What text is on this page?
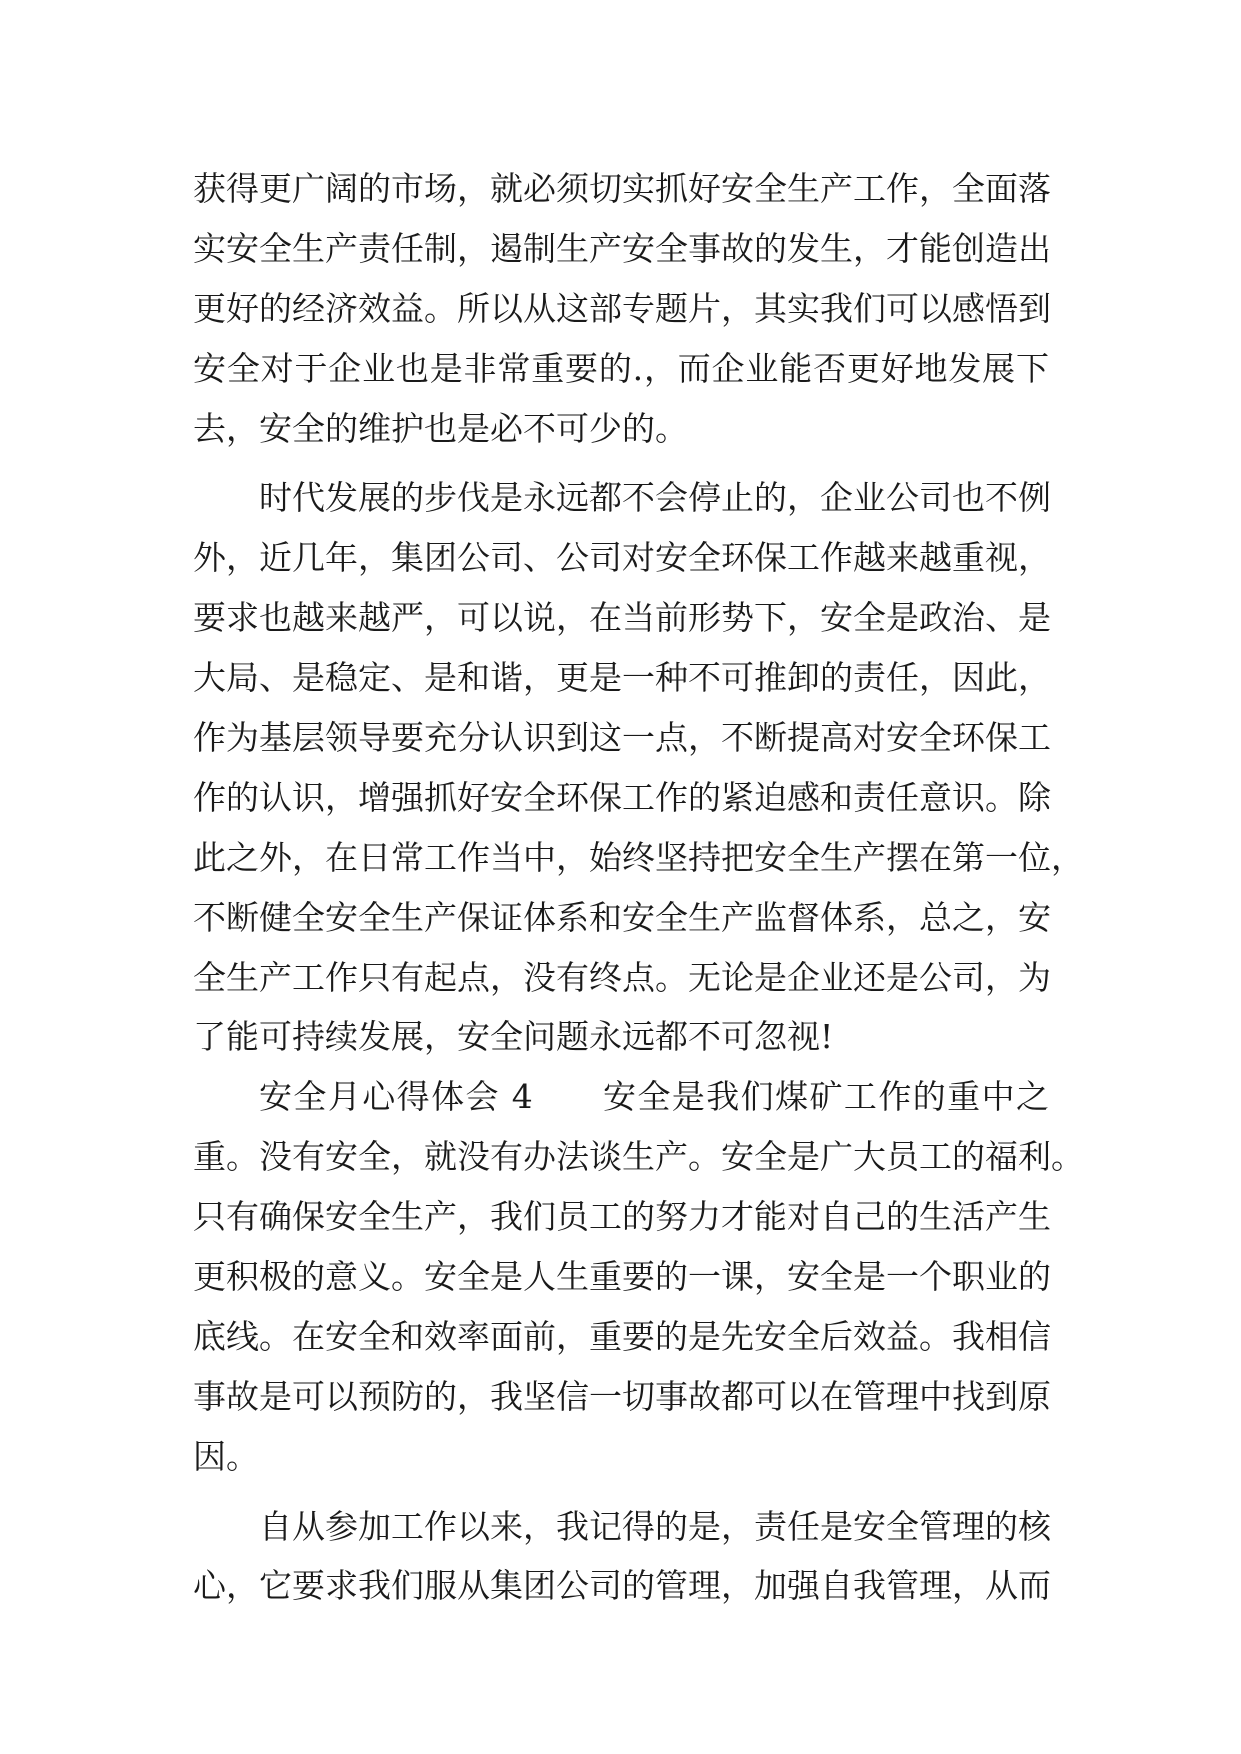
获得更广阔的市场，就必须切实抓好安全生产工作，全面落
实安全生产责任制，遏制生产安全事故的发生，才能创造出
更好的经济效益。所以从这部专题片，其实我们可以感悟到
安全对于企业也是非常重要的.，而企业能否更好地发展下
去，安全的维护也是必不可少的。
时代发展的步伐是永远都不会停止的，企业公司也不例
外，近几年，集团公司、公司对安全环保工作越来越重视，
要求也越来越严，可以说，在当前形势下，安全是政治、是
大局、是稳定、是和谐，更是一种不可推卸的责任，因此，
作为基层领导要充分认识到这一点，不断提高对安全环保工
作的认识，增强抓好安全环保工作的紧迫感和责任意识。除
此之外，在日常工作当中，始终坚持把安全生产摆在第一位，
不断健全安全生产保证体系和安全生产监督体系，总之，安
全生产工作只有起点，没有终点。无论是企业还是公司，为
了能可持续发展，安全问题永远都不可忽视!
安全月心得体会 4　　安全是我们煤矿工作的重中之
重。没有安全，就没有办法谈生产。安全是广大员工的福利。
只有确保安全生产，我们员工的努力才能对自己的生活产生
更积极的意义。安全是人生重要的一课，安全是一个职业的
底线。在安全和效率面前，重要的是先安全后效益。我相信
事故是可以预防的，我坚信一切事故都可以在管理中找到原
因。
自从参加工作以来，我记得的是，责任是安全管理的核
心，它要求我们服从集团公司的管理，加强自我管理，从而
